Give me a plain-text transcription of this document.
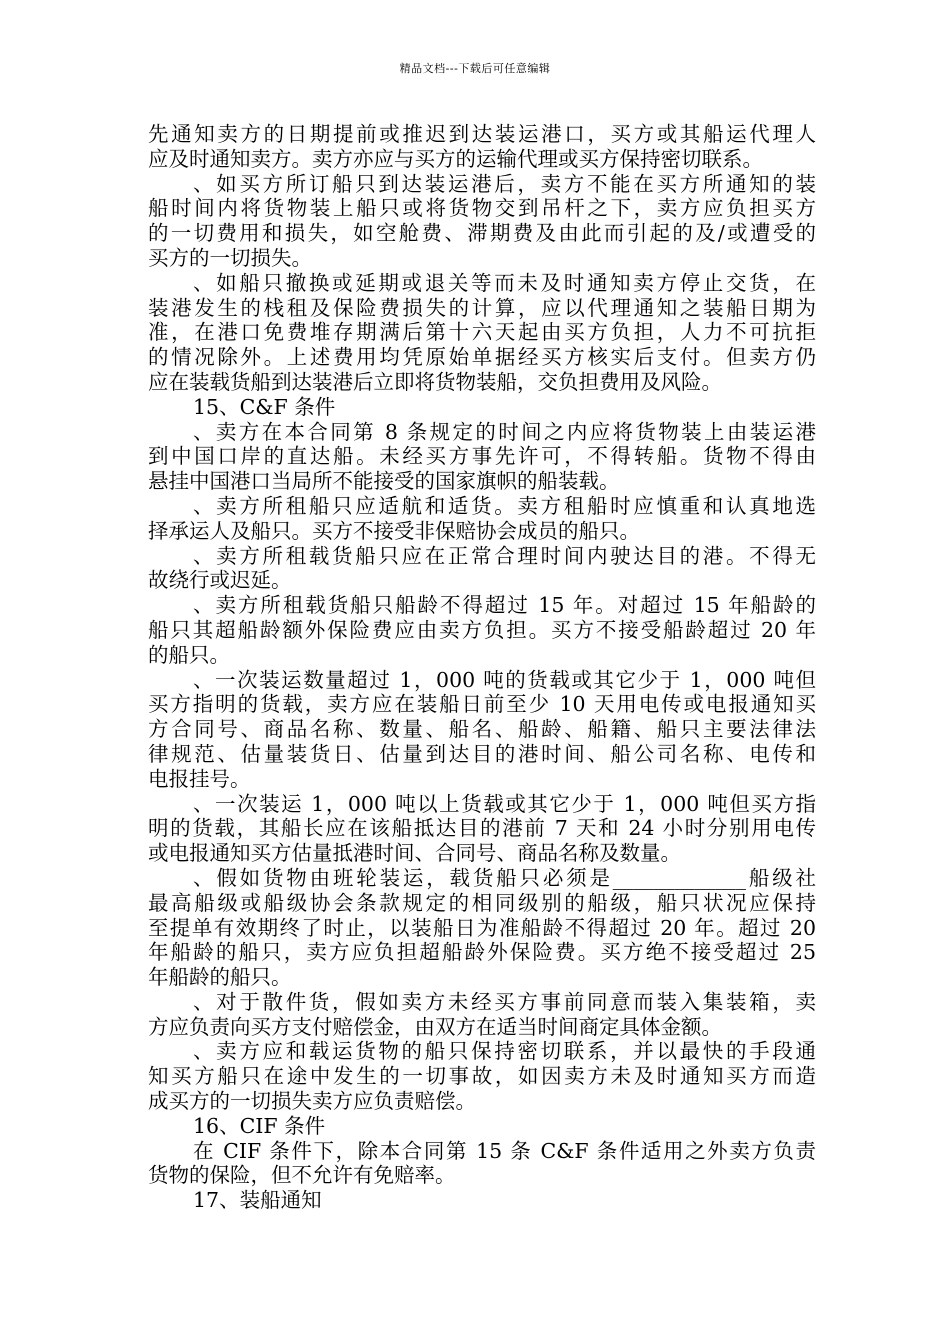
精品文档---下载后可任意编辑
先通知卖方的日期提前或推迟到达装运港口，买方或其船运代理人
应及时通知卖方。卖方亦应与买方的运输代理或买方保持密切联系。
、如买方所订船只到达装运港后，卖方不能在买方所通知的装
船时间内将货物装上船只或将货物交到吊杆之下，卖方应负担买方
的一切费用和损失，如空舱费、滞期费及由此而引起的及/或遭受的
买方的一切损失。
、如船只撤换或延期或退关等而未及时通知卖方停止交货，在
装港发生的栈租及保险费损失的计算，应以代理通知之装船日期为
准，在港口免费堆存期满后第十六天起由买方负担，人力不可抗拒
的情况除外。上述费用均凭原始单据经买方核实后支付。但卖方仍
应在装载货船到达装港后立即将货物装船，交负担费用及风险。
15、C&F 条件
、卖方在本合同第 8 条规定的时间之内应将货物装上由装运港
到中国口岸的直达船。未经买方事先许可，不得转船。货物不得由
悬挂中国港口当局所不能接受的国家旗帜的船装载。
、卖方所租船只应适航和适货。卖方租船时应慎重和认真地选
择承运人及船只。买方不接受非保赔协会成员的船只。
、卖方所租载货船只应在正常合理时间内驶达目的港。不得无
故绕行或迟延。
、卖方所租载货船只船龄不得超过 15 年。对超过 15 年船龄的
船只其超船龄额外保险费应由卖方负担。买方不接受船龄超过 20 年
的船只。
、一次装运数量超过 1，000 吨的货载或其它少于 1，000 吨但
买方指明的货载，卖方应在装船日前至少 10 天用电传或电报通知买
方合同号、商品名称、数量、船名、船龄、船籍、船只主要法律法
律规范、估量装货日、估量到达目的港时间、船公司名称、电传和
电报挂号。
、一次装运 1，000 吨以上货载或其它少于 1，000 吨但买方指
明的货载，其船长应在该船抵达目的港前 7 天和 24 小时分别用电传
或电报通知买方估量抵港时间、合同号、商品名称及数量。
、假如货物由班轮装运，载货船只必须是_____________船级社
最高船级或船级协会条款规定的相同级别的船级，船只状况应保持
至提单有效期终了时止，以装船日为准船龄不得超过 20 年。超过 20
年船龄的船只，卖方应负担超船龄外保险费。买方绝不接受超过 25
年船龄的船只。
、对于散件货，假如卖方未经买方事前同意而装入集装箱，卖
方应负责向买方支付赔偿金，由双方在适当时间商定具体金额。
、卖方应和载运货物的船只保持密切联系，并以最快的手段通
知买方船只在途中发生的一切事故，如因卖方未及时通知买方而造
成买方的一切损失卖方应负责赔偿。
16、CIF 条件
在 CIF 条件下，除本合同第 15 条 C&F 条件适用之外卖方负责
货物的保险，但不允许有免赔率。
17、装船通知
